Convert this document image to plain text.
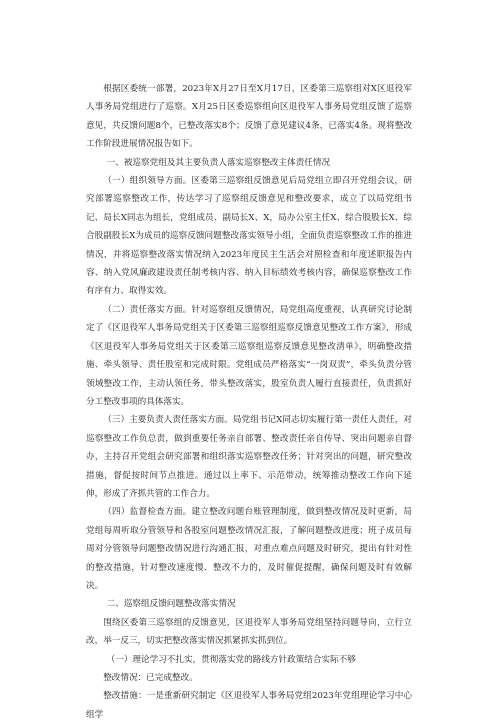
根据区委统一部署，2023年X月27日至X月17日，区委第三巡察组对X区退役军人事务局党组进行了巡察。X月25日区委巡察组向区退役军人事务局党组反馈了巡察意见，共反馈问题8个，已整改落实8个；反馈了意见建议4条，已落实4条。现将整改工作阶段进展情况报告如下。

一、被巡察党组及其主要负责人落实巡察整改主体责任情况

（一）组织领导方面。区委第三巡察组反馈意见后局党组立即召开党组会议，研究部署巡察整改工作，传达学习了巡察组反馈意见和整改要求，成立了以局党组书记、局长X同志为组长，党组成员、副局长X、X，局办公室主任X、综合股股长X、综合股副股长X为成员的巡察反馈问题整改落实领导小组，全面负责巡察整改工作的推进情况，并将巡察整改落实情况纳入2023年度民主生活会对照检查和年度述职报告内容、纳入党风廉政建设责任制考核内容、纳入目标绩效考核内容，确保巡察整改工作有序有力、取得实效。

（二）责任落实方面。针对巡察组反馈情况，局党组高度重视，认真研究讨论制定了《区退役军人事务局党组关于区委第三巡察组巡察反馈意见整改工作方案》，形成《区退役军人事务局党组关于区委第三巡察组巡察反馈意见整改清单》，明确整改措施、牵头领导、责任股室和完成时限。党组成员严格落实“一岗双责”，牵头负责分管领域整改工作，主动认领任务，带头整改落实，股室负责人履行直接责任，负责抓好分工整改事项的具体落实。

（三）主要负责人责任落实方面。局党组书记X同志切实履行第一责任人责任，对巡察整改工作负总责，做到重要任务亲自部署、整改责任亲自传导、突出问题亲自督办，主持召开党组会研究部署和组织落实巡察整改任务；针对突出的问题，研究整改措施，督促按时间节点推进。通过以上率下、示范带动，统筹推动整改工作向下延伸，形成了齐抓共管的工作合力。

（四）监督检查方面。建立整改问题台账管理制度，做到整改情况及时更新，局党组每周听取分管领导和各股室问题整改情况汇报，了解问题整改进度；班子成员每周对分管领导问题整改情况进行沟通汇报，对重点难点问题及时研究，提出有针对性的整改措施，针对整改速度慢、整改不力的，及时催促提醒，确保问题及时有效解决。

二、巡察组反馈问题整改落实情况

围绕区委第三巡察组的反馈意见，区退役军人事务局党组坚持问题导向，立行立改，举一反三，切实把整改落实情况抓紧抓实抓到位。

（一）理论学习不扎实，贯彻落实党的路线方针政策结合实际不够

整改情况：已完成整改。

整改措施：一是重新研究制定《区退役军人事务局党组2023年党组理论学习中心组学
